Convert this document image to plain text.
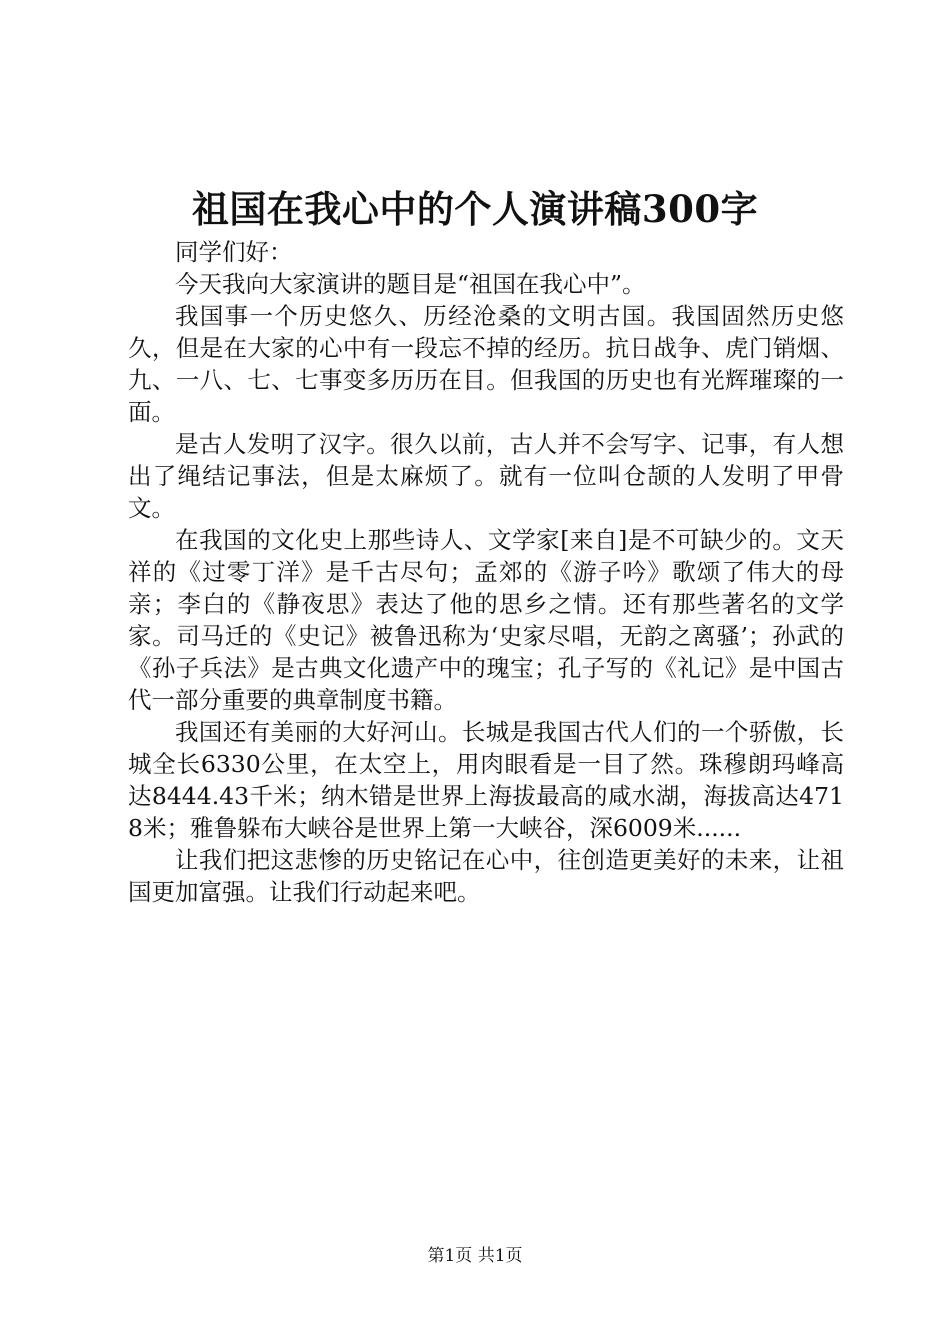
祖国在我心中的个人演讲稿300字

同学们好：

今天我向大家演讲的题目是“祖国在我心中”。

我国事一个历史悠久、历经沧桑的文明古国。我国固然历史悠久，但是在大家的心中有一段忘不掉的经历。抗日战争、虎门销烟、九、一八、七、七事变多历历在目。但我国的历史也有光辉璀璨的一面。

是古人发明了汉字。很久以前，古人并不会写字、记事，有人想出了绳结记事法，但是太麻烦了。就有一位叫仓颉的人发明了甲骨文。

在我国的文化史上那些诗人、文学家[来自]是不可缺少的。文天祥的《过零丁洋》是千古尽句；孟郊的《游子吟》歌颂了伟大的母亲；李白的《静夜思》表达了他的思乡之情。还有那些著名的文学家。司马迁的《史记》被鲁迅称为‘史家尽唱，无韵之离骚’；孙武的《孙子兵法》是古典文化遗产中的瑰宝；孔子写的《礼记》是中国古代一部分重要的典章制度书籍。

我国还有美丽的大好河山。长城是我国古代人们的一个骄傲，长城全长6330公里，在太空上，用肉眼看是一目了然。珠穆朗玛峰高达8444.43千米；纳木错是世界上海拔最高的咸水湖，海拔高达4718米；雅鲁躲布大峡谷是世界上第一大峡谷，深6009米......

让我们把这悲惨的历史铭记在心中，往创造更美好的未来，让祖国更加富强。让我们行动起来吧。

第1页 共1页
